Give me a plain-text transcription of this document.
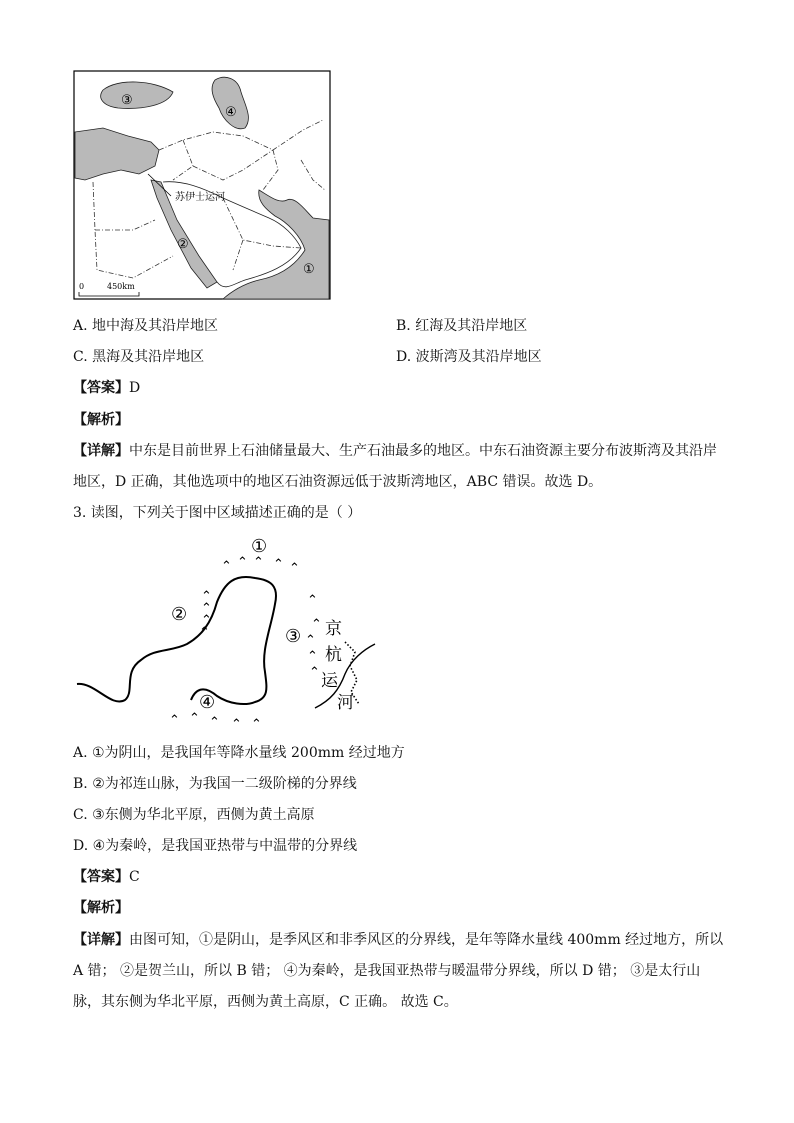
苏伊士运河
③
④
②
①
0	450km
A. 地中海及其沿岸地区	B. 红海及其沿岸地区
C. 黑海及其沿岸地区	D. 波斯湾及其沿岸地区
【答案】D
【解析】
【详解】中东是目前世界上石油储量最大、生产石油最多的地区。中东石油资源主要分布波斯湾及其沿岸
地区，D 正确，其他选项中的地区石油资源远低于波斯湾地区，ABC 错误。故选 D。
3. 读图，下列关于图中区域描述正确的是（ ）
⌃ ⌃ ⌃ ⌃ ⌃
⌃
⌃
⌃
⌃
⌃
⌃
⌃
⌃
⌃
⌃ ⌃ ⌃ ⌃ ⌃
①
②
③
④
京
杭
运
河
A. ①为阴山，是我国年等降水量线 200mm 经过地方
B. ②为祁连山脉，为我国一二级阶梯的分界线
C. ③东侧为华北平原，西侧为黄土高原
D. ④为秦岭，是我国亚热带与中温带的分界线
【答案】C
【解析】
【详解】由图可知，①是阴山，是季风区和非季风区的分界线，是年等降水量线 400mm 经过地方，所以
A 错； ②是贺兰山，所以 B 错； ④为秦岭，是我国亚热带与暖温带分界线，所以 D 错； ③是太行山
脉，其东侧为华北平原，西侧为黄土高原，C 正确。 故选 C。
